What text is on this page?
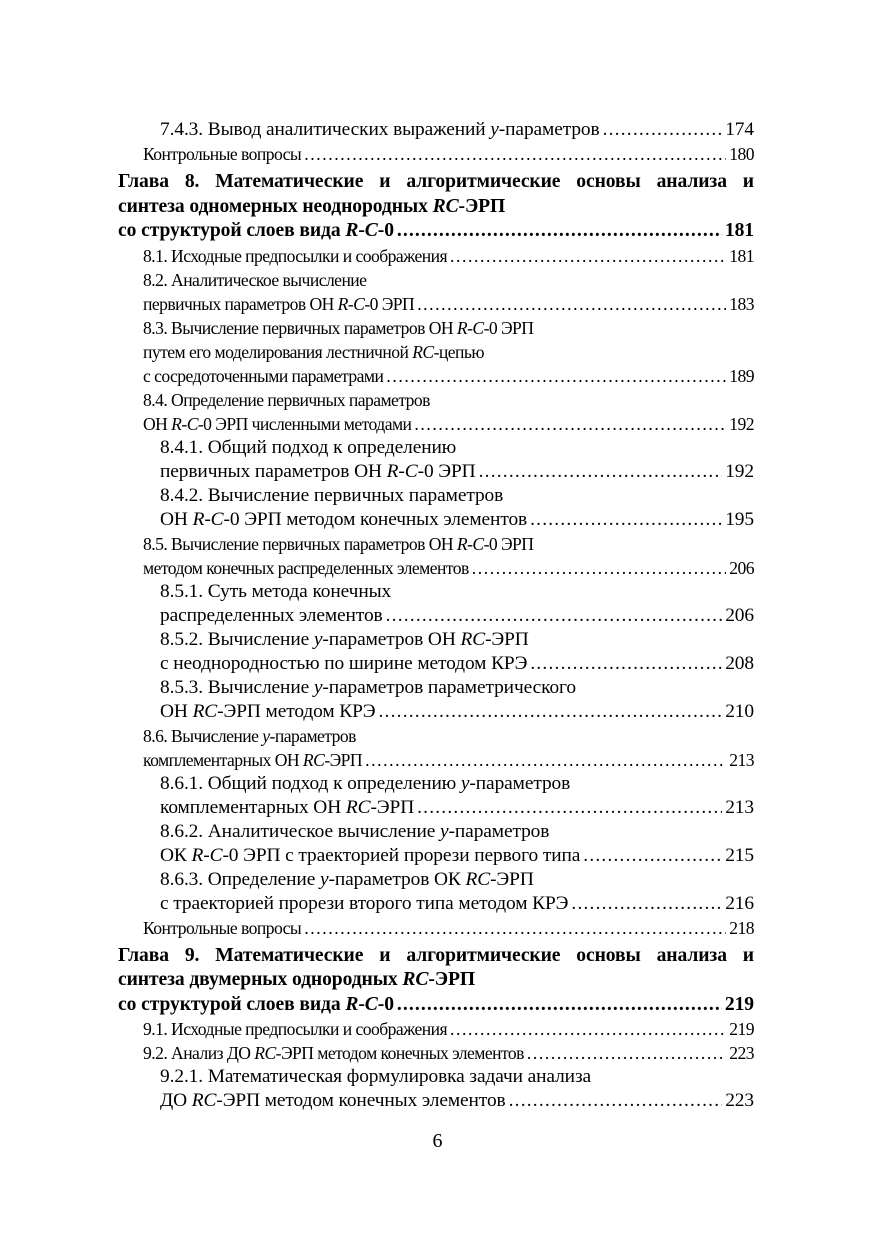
7.4.3. Вывод аналитических выражений y-параметров .....	174
Контрольные вопросы .....	180
Глава 8. Математические и алгоритмические основы анализа и
синтеза одномерных неоднородных RC-ЭРП
со структурой слоев вида R-C-0 .....	181
8.1. Исходные предпосылки и соображения .....	181
8.2. Аналитическое вычисление
первичных параметров ОН R-C-0 ЭРП .....	183
8.3. Вычисление первичных параметров ОН R-C-0 ЭРП
путем его моделирования лестничной RC-цепью
с сосредоточенными параметрами .....	189
8.4. Определение первичных параметров
ОН R-C-0 ЭРП численными методами .....	192
8.4.1. Общий подход к определению
первичных параметров ОН R-C-0 ЭРП .....	192
8.4.2. Вычисление первичных параметров
ОН R-C-0 ЭРП методом конечных элементов .....	195
8.5. Вычисление первичных параметров ОН R-C-0 ЭРП
методом конечных распределенных элементов .....	206
8.5.1. Суть метода конечных
распределенных элементов .....	206
8.5.2. Вычисление y-параметров ОН RC-ЭРП
с неоднородностью по ширине методом КРЭ .....	208
8.5.3. Вычисление y-параметров параметрического
ОН RC-ЭРП методом КРЭ .....	210
8.6. Вычисление y-параметров
комплементарных ОН RC-ЭРП .....	213
8.6.1. Общий подход к определению y-параметров
комплементарных ОН RC-ЭРП .....	213
8.6.2. Аналитическое вычисление y-параметров
ОК R-C-0 ЭРП с траекторией прорези первого типа .....	215
8.6.3. Определение y-параметров ОК RC-ЭРП
с траекторией прорези второго типа методом КРЭ .....	216
Контрольные вопросы .....	218
Глава 9. Математические и алгоритмические основы анализа и
синтеза двумерных однородных RC-ЭРП
со структурой слоев вида R-C-0 .....	219
9.1. Исходные предпосылки и соображения .....	219
9.2. Анализ ДО RC-ЭРП методом конечных элементов .....	223
9.2.1. Математическая формулировка задачи анализа
ДО RC-ЭРП методом конечных элементов .....	223
6
